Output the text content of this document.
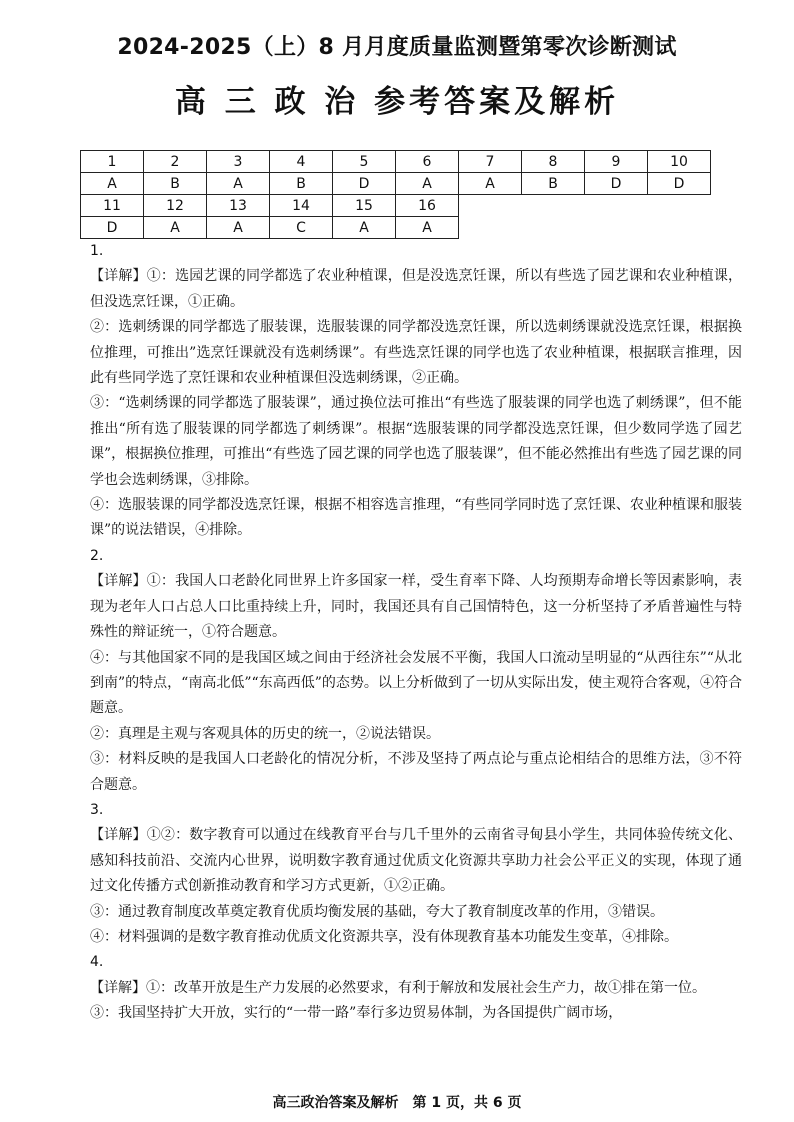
2024-2025（上）8 月月度质量监测暨第零次诊断测试
高 三 政 治 参考答案及解析
1	2	3	4	5	6	7	8	9	10
A	B	A	B	D	A	A	B	D	D
11	12	13	14	15	16				
D	A	A	C	A	A				

1.

【详解】①：选园艺课的同学都选了农业种植课，但是没选烹饪课，所以有些选了园艺课和农业种植课，但没选烹饪课，①正确。

②：选刺绣课的同学都选了服装课，选服装课的同学都没选烹饪课，所以选刺绣课就没选烹饪课，根据换位推理，可推出”选烹饪课就没有选刺绣课”。有些选烹饪课的同学也选了农业种植课，根据联言推理，因此有些同学选了烹饪课和农业种植课但没选刺绣课，②正确。

③：“选刺绣课的同学都选了服装课”，通过换位法可推出“有些选了服装课的同学也选了刺绣课”，但不能推出“所有选了服装课的同学都选了刺绣课”。根据“选服装课的同学都没选烹饪课，但少数同学选了园艺课”，根据换位推理，可推出“有些选了园艺课的同学也选了服装课”，但不能必然推出有些选了园艺课的同学也会选刺绣课，③排除。

④：选服装课的同学都没选烹饪课，根据不相容选言推理，“有些同学同时选了烹饪课、农业种植课和服装课”的说法错误，④排除。

2.

【详解】①：我国人口老龄化同世界上许多国家一样，受生育率下降、人均预期寿命增长等因素影响，表现为老年人口占总人口比重持续上升，同时，我国还具有自己国情特色，这一分析坚持了矛盾普遍性与特殊性的辩证统一，①符合题意。

④：与其他国家不同的是我国区域之间由于经济社会发展不平衡，我国人口流动呈明显的“从西往东”“从北到南”的特点，“南高北低”“东高西低”的态势。以上分析做到了一切从实际出发，使主观符合客观，④符合题意。

②：真理是主观与客观具体的历史的统一，②说法错误。

③：材料反映的是我国人口老龄化的情况分析，不涉及坚持了两点论与重点论相结合的思维方法，③不符合题意。

3.

【详解】①②：数字教育可以通过在线教育平台与几千里外的云南省寻甸县小学生，共同体验传统文化、感知科技前沿、交流内心世界，说明数字教育通过优质文化资源共享助力社会公平正义的实现，体现了通过文化传播方式创新推动教育和学习方式更新，①②正确。

③：通过教育制度改革奠定教育优质均衡发展的基础，夸大了教育制度改革的作用，③错误。

④：材料强调的是数字教育推动优质文化资源共享，没有体现教育基本功能发生变革，④排除。

4.

【详解】①：改革开放是生产力发展的必然要求，有利于解放和发展社会生产力，故①排在第一位。

③：我国坚持扩大开放，实行的“一带一路”奉行多边贸易体制，为各国提供广阔市场，

高三政治答案及解析　第 1 页，共 6 页
